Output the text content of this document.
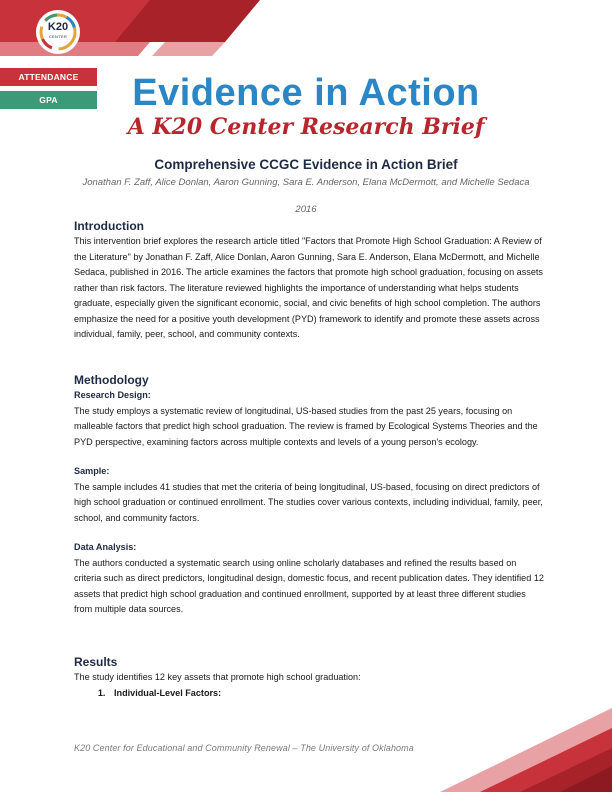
K20
CENTER
ATTENDANCE
GPA	Evidence in Action
A K20 Center Research Brief
Comprehensive CCGC Evidence in Action Brief
Jonathan F. Zaff, Alice Donlan, Aaron Gunning, Sara E. Anderson, Elana McDermott, and Michelle Sedaca
2016
Introduction

This intervention brief explores the research article titled "Factors that Promote High School Graduation: A Review of the Literature" by Jonathan F. Zaff, Alice Donlan, Aaron Gunning, Sara E. Anderson, Elana McDermott, and Michelle Sedaca, published in 2016. The article examines the factors that promote high school graduation, focusing on assets rather than risk factors. The literature reviewed highlights the importance of understanding what helps students graduate, especially given the significant economic, social, and civic benefits of high school completion. The authors emphasize the need for a positive youth development (PYD) framework to identify and promote these assets across individual, family, peer, school, and community contexts.

Methodology
Research Design:

The study employs a systematic review of longitudinal, US-based studies from the past 25 years, focusing on malleable factors that predict high school graduation. The review is framed by Ecological Systems Theories and the PYD perspective, examining factors across multiple contexts and levels of a young person's ecology.

Sample:

The sample includes 41 studies that met the criteria of being longitudinal, US-based, focusing on direct predictors of high school graduation or continued enrollment. The studies cover various contexts, including individual, family, peer, school, and community factors.

Data Analysis:

The authors conducted a systematic search using online scholarly databases and refined the results based on criteria such as direct predictors, longitudinal design, domestic focus, and recent publication dates. They identified 12 assets that predict high school graduation and continued enrollment, supported by at least three different studies from multiple data sources.

Results

The study identifies 12 key assets that promote high school graduation:

1. Individual-Level Factors:
K20 Center for Educational and Community Renewal – The University of Oklahoma
